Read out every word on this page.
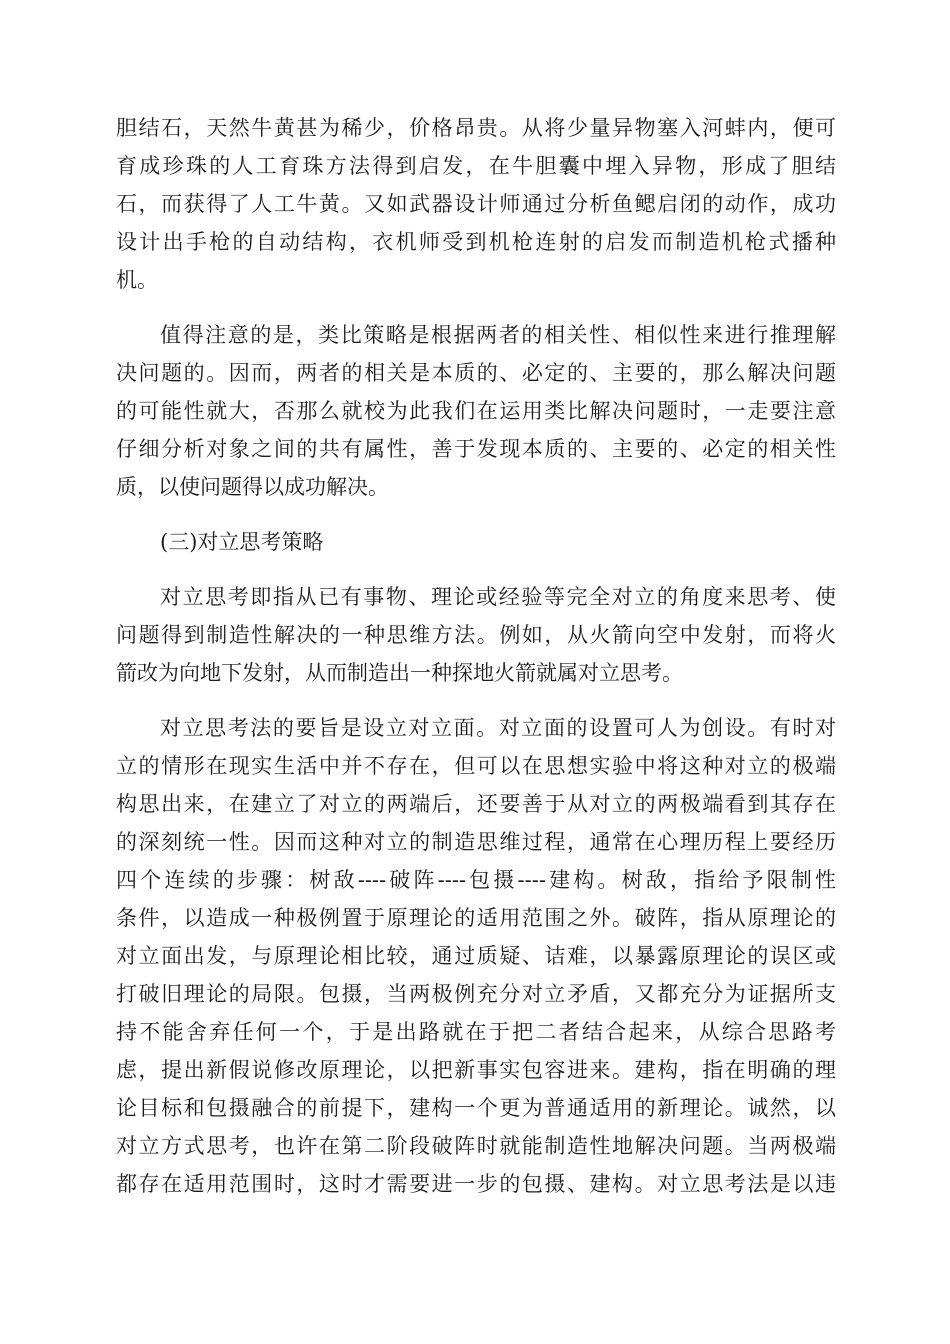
胆结石，天然牛黄甚为稀少，价格昂贵。从将少量异物塞入河蚌内，便可

育成珍珠的人工育珠方法得到启发，在牛胆囊中埋入异物，形成了胆结

石，而获得了人工牛黄。又如武器设计师通过分析鱼鳃启闭的动作，成功

设计出手枪的自动结构，衣机师受到机枪连射的启发而制造机枪式播种

机。

值得注意的是，类比策略是根据两者的相关性、相似性来进行推理解

决问题的。因而，两者的相关是本质的、必定的、主要的，那么解决问题

的可能性就大，否那么就校为此我们在运用类比解决问题时，一走要注意

仔细分析对象之间的共有属性，善于发现本质的、主要的、必定的相关性

质，以使问题得以成功解决。

(三)对立思考策略

对立思考即指从已有事物、理论或经验等完全对立的角度来思考、使

问题得到制造性解决的一种思维方法。例如，从火箭向空中发射，而将火

箭改为向地下发射，从而制造出一种探地火箭就属对立思考。

对立思考法的要旨是设立对立面。对立面的设置可人为创设。有时对

立的情形在现实生活中并不存在，但可以在思想实验中将这种对立的极端

构思出来，在建立了对立的两端后，还要善于从对立的两极端看到其存在

的深刻统一性。因而这种对立的制造思维过程，通常在心理历程上要经历

四个连续的步骤：树敌----破阵----包摄----建构。树敌，指给予限制性

条件，以造成一种极例置于原理论的适用范围之外。破阵，指从原理论的

对立面出发，与原理论相比较，通过质疑、诘难，以暴露原理论的误区或

打破旧理论的局限。包摄，当两极例充分对立矛盾，又都充分为证据所支

持不能舍弃任何一个，于是出路就在于把二者结合起来，从综合思路考

虑，提出新假说修改原理论，以把新事实包容进来。建构，指在明确的理

论目标和包摄融合的前提下，建构一个更为普通适用的新理论。诚然，以

对立方式思考，也许在第二阶段破阵时就能制造性地解决问题。当两极端

都存在适用范围时，这时才需要进一步的包摄、建构。对立思考法是以违
